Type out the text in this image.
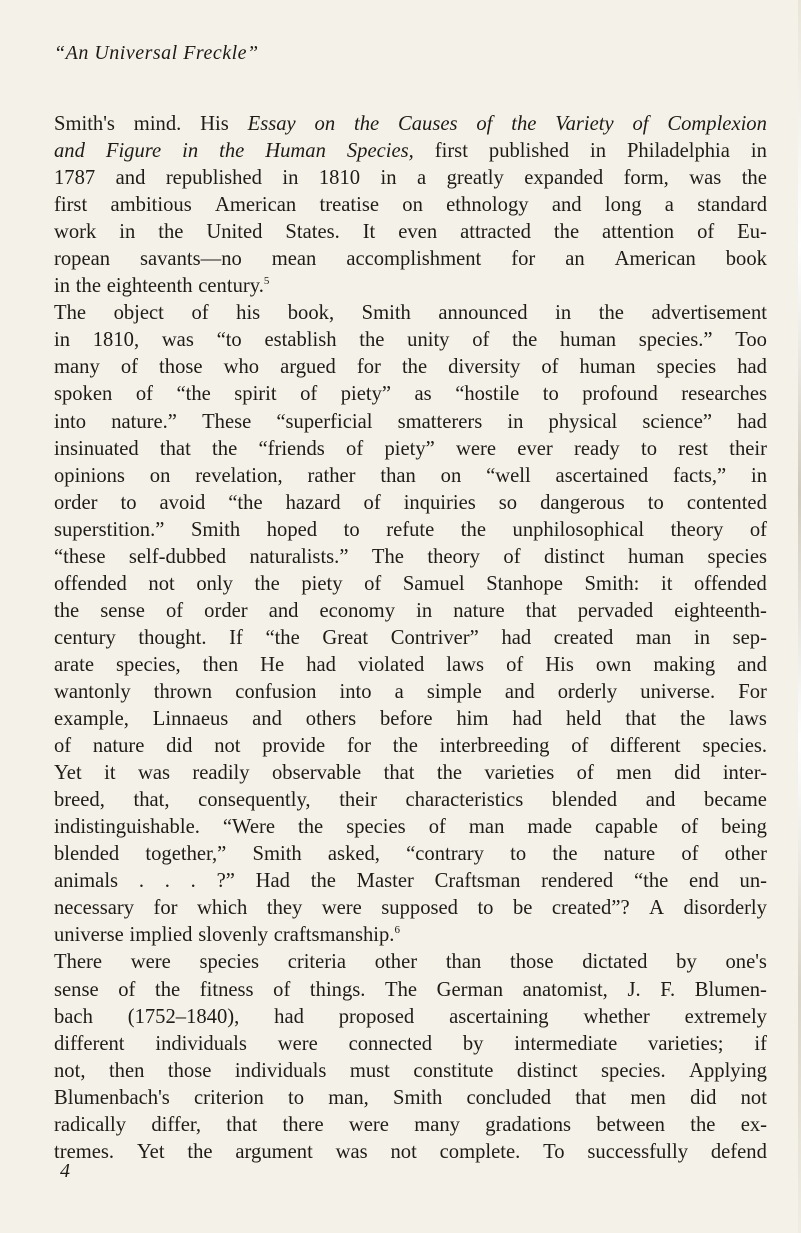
“An Universal Freckle”
Smith's mind. His Essay on the Causes of the Variety of Complexion
and Figure in the Human Species, first published in Philadelphia in
1787 and republished in 1810 in a greatly expanded form, was the
first ambitious American treatise on ethnology and long a standard
work in the United States. It even attracted the attention of Eu-
ropean savants—no mean accomplishment for an American book
in the eighteenth century.$^5$
The object of his book, Smith announced in the advertisement
in 1810, was “to establish the unity of the human species.” Too
many of those who argued for the diversity of human species had
spoken of “the spirit of piety” as “hostile to profound researches
into nature.” These “superficial smatterers in physical science” had
insinuated that the “friends of piety” were ever ready to rest their
opinions on revelation, rather than on “well ascertained facts,” in
order to avoid “the hazard of inquiries so dangerous to contented
superstition.” Smith hoped to refute the unphilosophical theory of
“these self-dubbed naturalists.” The theory of distinct human species
offended not only the piety of Samuel Stanhope Smith: it offended
the sense of order and economy in nature that pervaded eighteenth-
century thought. If “the Great Contriver” had created man in sep-
arate species, then He had violated laws of His own making and
wantonly thrown confusion into a simple and orderly universe. For
example, Linnaeus and others before him had held that the laws
of nature did not provide for the interbreeding of different species.
Yet it was readily observable that the varieties of men did inter-
breed, that, consequently, their characteristics blended and became
indistinguishable. “Were the species of man made capable of being
blended together,” Smith asked, “contrary to the nature of other
animals . . . ?” Had the Master Craftsman rendered “the end un-
necessary for which they were supposed to be created”? A disorderly
universe implied slovenly craftsmanship.$^6$
There were species criteria other than those dictated by one's
sense of the fitness of things. The German anatomist, J. F. Blumen-
bach (1752–1840), had proposed ascertaining whether extremely
different individuals were connected by intermediate varieties; if
not, then those individuals must constitute distinct species. Applying
Blumenbach's criterion to man, Smith concluded that men did not
radically differ, that there were many gradations between the ex-
tremes. Yet the argument was not complete. To successfully defend
4
